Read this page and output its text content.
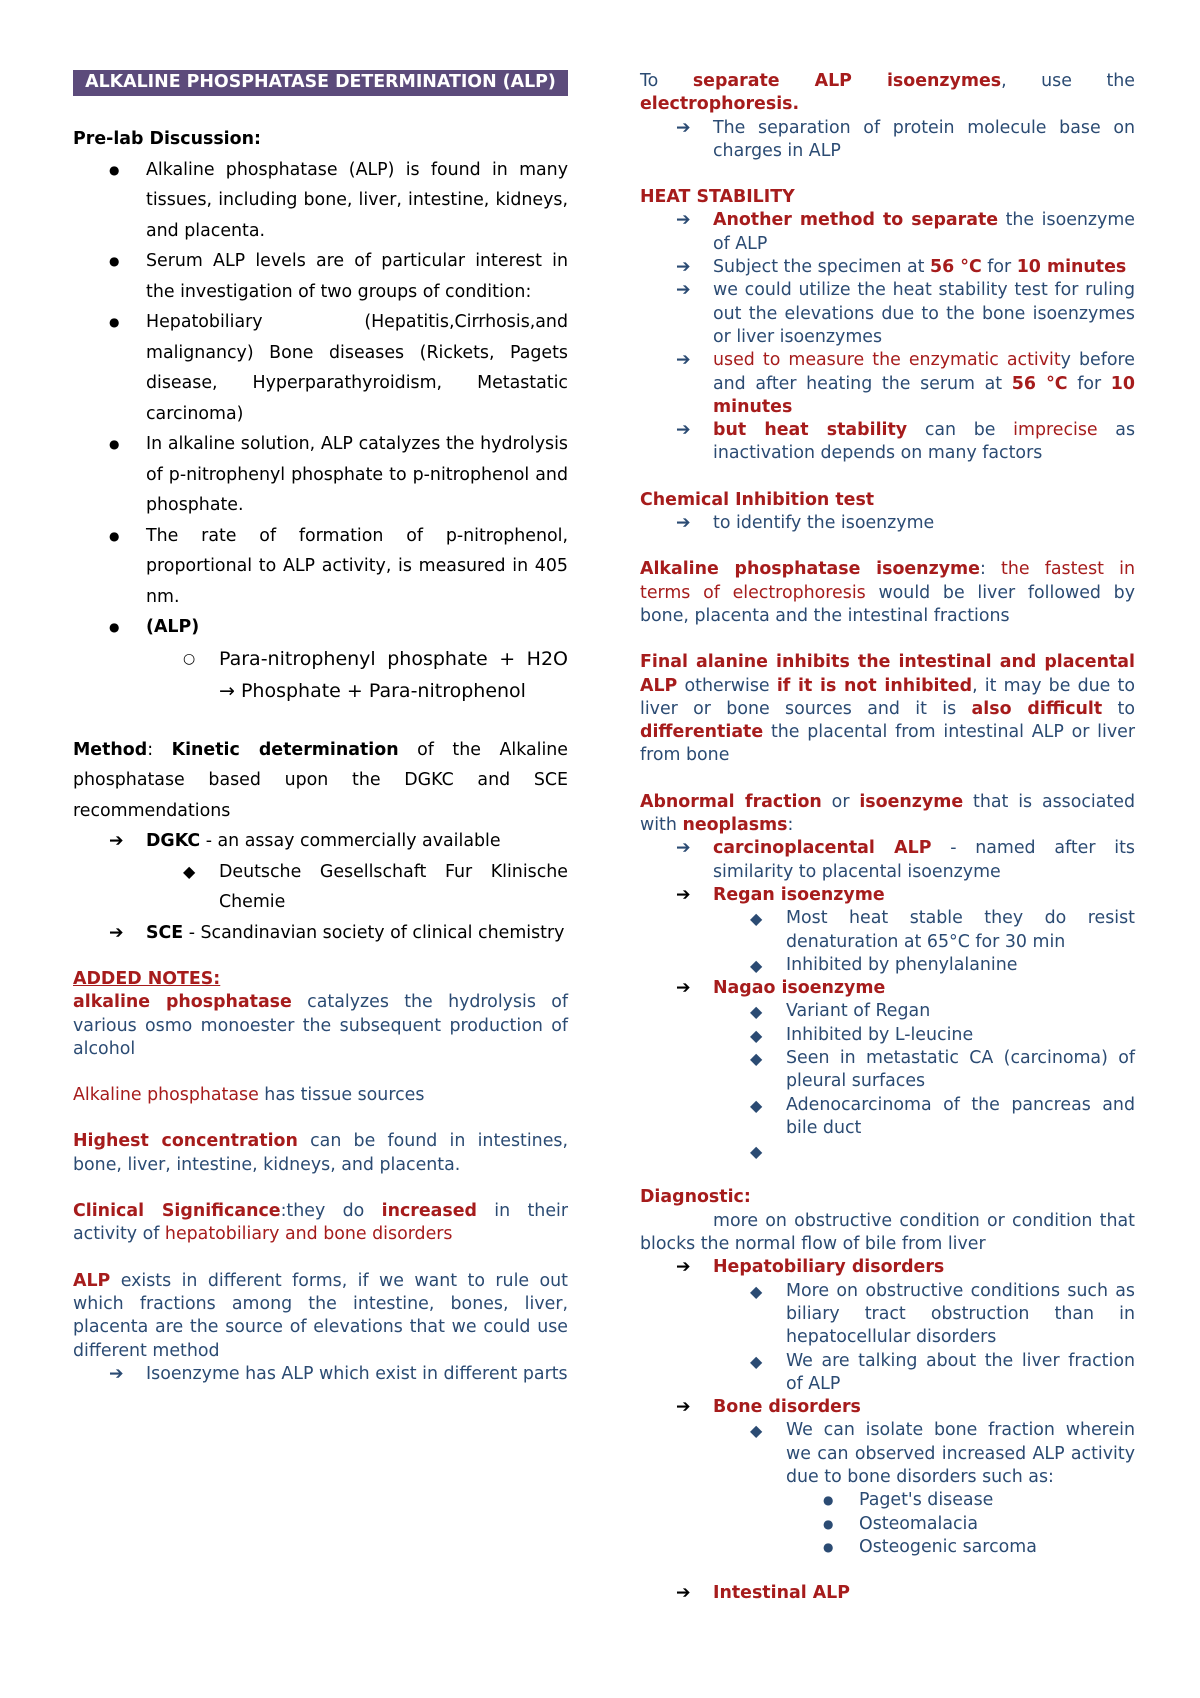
ALKALINE PHOSPHATASE DETERMINATION (ALP)
Pre-lab Discussion:
● Alkaline phosphatase (ALP) is found in many tissues, including bone, liver, intestine, kidneys, and placenta.
● Serum ALP levels are of particular interest in the investigation of two groups of condition:
● Hepatobiliary (Hepatitis,Cirrhosis,and malignancy) Bone diseases (Rickets, Pagets disease, Hyperparathyroidism, Metastatic carcinoma)
● In alkaline solution, ALP catalyzes the hydrolysis of p-nitrophenyl phosphate to p-nitrophenol and phosphate.
● The rate of formation of p-nitrophenol, proportional to ALP activity, is measured in 405 nm.
● (ALP)
○ Para-nitrophenyl phosphate + H2O → Phosphate + Para-nitrophenol
Method: Kinetic determination of the Alkaline phosphatase based upon the DGKC and SCE recommendations
➔ DGKC - an assay commercially available
◆ Deutsche Gesellschaft Fur Klinische Chemie
➔ SCE - Scandinavian society of clinical chemistry
ADDED NOTES:
alkaline phosphatase catalyzes the hydrolysis of various osmo monoester the subsequent production of alcohol
Alkaline phosphatase has tissue sources
Highest concentration can be found in intestines, bone, liver, intestine, kidneys, and placenta.
Clinical Significance:they do increased in their activity of hepatobiliary and bone disorders
ALP exists in different forms, if we want to rule out which fractions among the intestine, bones, liver, placenta are the source of elevations that we could use different method
➔ Isoenzyme has ALP which exist in different parts
To separate ALP isoenzymes, use the electrophoresis.
➔ The separation of protein molecule base on charges in ALP
HEAT STABILITY
➔ Another method to separate the isoenzyme of ALP
➔ Subject the specimen at 56 °C for 10 minutes
➔ we could utilize the heat stability test for ruling out the elevations due to the bone isoenzymes or liver isoenzymes
➔ used to measure the enzymatic activity before and after heating the serum at 56 °C for 10 minutes
➔ but heat stability can be imprecise as inactivation depends on many factors
Chemical Inhibition test
➔ to identify the isoenzyme
Alkaline phosphatase isoenzyme: the fastest in terms of electrophoresis would be liver followed by bone, placenta and the intestinal fractions
Final alanine inhibits the intestinal and placental ALP otherwise if it is not inhibited, it may be due to liver or bone sources and it is also difficult to differentiate the placental from intestinal ALP or liver from bone
Abnormal fraction or isoenzyme that is associated with neoplasms:
➔ carcinoplacental ALP - named after its similarity to placental isoenzyme
➔ Regan isoenzyme
◆ Most heat stable they do resist denaturation at 65°C for 30 min
◆ Inhibited by phenylalanine
➔ Nagao isoenzyme
◆ Variant of Regan
◆ Inhibited by L-leucine
◆ Seen in metastatic CA (carcinoma) of pleural surfaces
◆ Adenocarcinoma of the pancreas and bile duct
◆

Diagnostic:
more on obstructive condition or condition that blocks the normal flow of bile from liver
➔ Hepatobiliary disorders
◆ More on obstructive conditions such as biliary tract obstruction than in hepatocellular disorders
◆ We are talking about the liver fraction of ALP
➔ Bone disorders
◆ We can isolate bone fraction wherein we can observed increased ALP activity due to bone disorders such as:
● Paget's disease
● Osteomalacia
● Osteogenic sarcoma
➔ Intestinal ALP
